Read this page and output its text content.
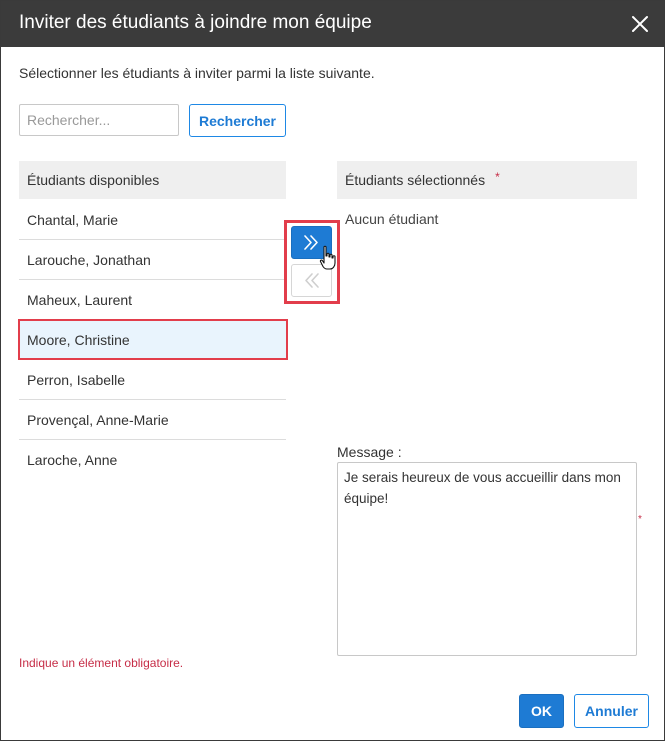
Inviter des étudiants à joindre mon équipe
Sélectionner les étudiants à inviter parmi la liste suivante.
Rechercher...
Rechercher
Étudiants disponibles
Chantal, Marie
Larouche, Jonathan
Maheux, Laurent
Moore, Christine
Perron, Isabelle
Provençal, Anne-Marie
Laroche, Anne
Étudiants sélectionnés *
Aucun étudiant
Message :
Je serais heureux de vous accueillir dans mon équipe!
*
Indique un élément obligatoire.
OK	Annuler
